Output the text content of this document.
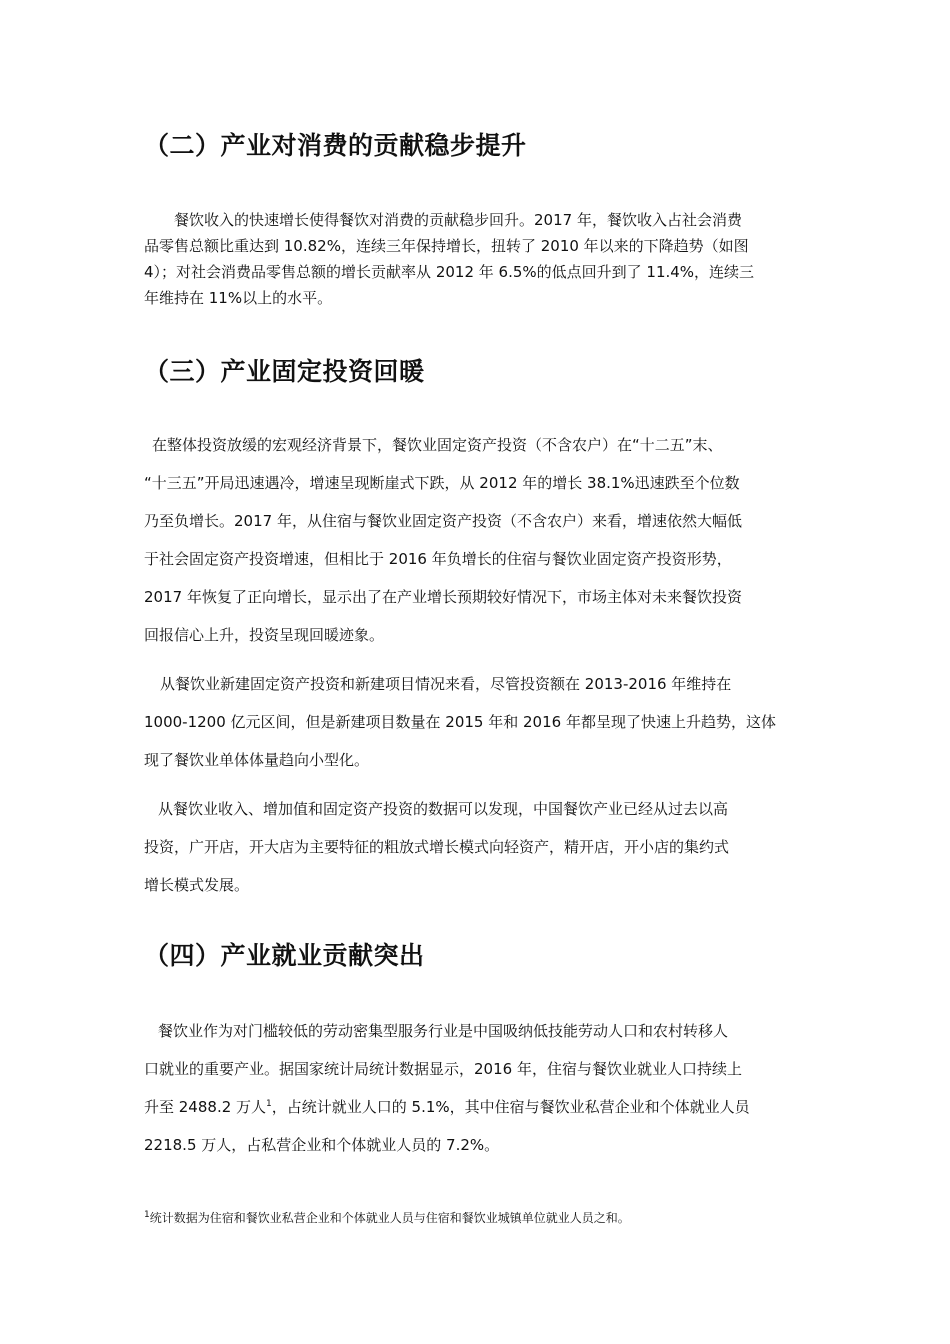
（二）产业对消费的贡献稳步提升
餐饮收入的快速增长使得餐饮对消费的贡献稳步回升。2017 年，餐饮收入占社会消费
品零售总额比重达到 10.82%，连续三年保持增长，扭转了 2010 年以来的下降趋势（如图
4）；对社会消费品零售总额的增长贡献率从 2012 年 6.5%的低点回升到了 11.4%，连续三
年维持在 11%以上的水平。
（三）产业固定投资回暖
在整体投资放缓的宏观经济背景下，餐饮业固定资产投资（不含农户）在“十二五”末、
“十三五”开局迅速遇冷，增速呈现断崖式下跌，从 2012 年的增长 38.1%迅速跌至个位数
乃至负增长。2017 年，从住宿与餐饮业固定资产投资（不含农户）来看，增速依然大幅低
于社会固定资产投资增速，但相比于 2016 年负增长的住宿与餐饮业固定资产投资形势，
2017 年恢复了正向增长，显示出了在产业增长预期较好情况下，市场主体对未来餐饮投资
回报信心上升，投资呈现回暖迹象。
从餐饮业新建固定资产投资和新建项目情况来看，尽管投资额在 2013-2016 年维持在
1000-1200 亿元区间，但是新建项目数量在 2015 年和 2016 年都呈现了快速上升趋势，这体
现了餐饮业单体体量趋向小型化。
从餐饮业收入、增加值和固定资产投资的数据可以发现，中国餐饮产业已经从过去以高
投资，广开店，开大店为主要特征的粗放式增长模式向轻资产，精开店，开小店的集约式
增长模式发展。
（四）产业就业贡献突出
餐饮业作为对门槛较低的劳动密集型服务行业是中国吸纳低技能劳动人口和农村转移人
口就业的重要产业。据国家统计局统计数据显示，2016 年，住宿与餐饮业就业人口持续上
升至 2488.2 万人$^1$，占统计就业人口的 5.1%，其中住宿与餐饮业私营企业和个体就业人员
2218.5 万人，占私营企业和个体就业人员的 7.2%。
$^1$统计数据为住宿和餐饮业私营企业和个体就业人员与住宿和餐饮业城镇单位就业人员之和。
